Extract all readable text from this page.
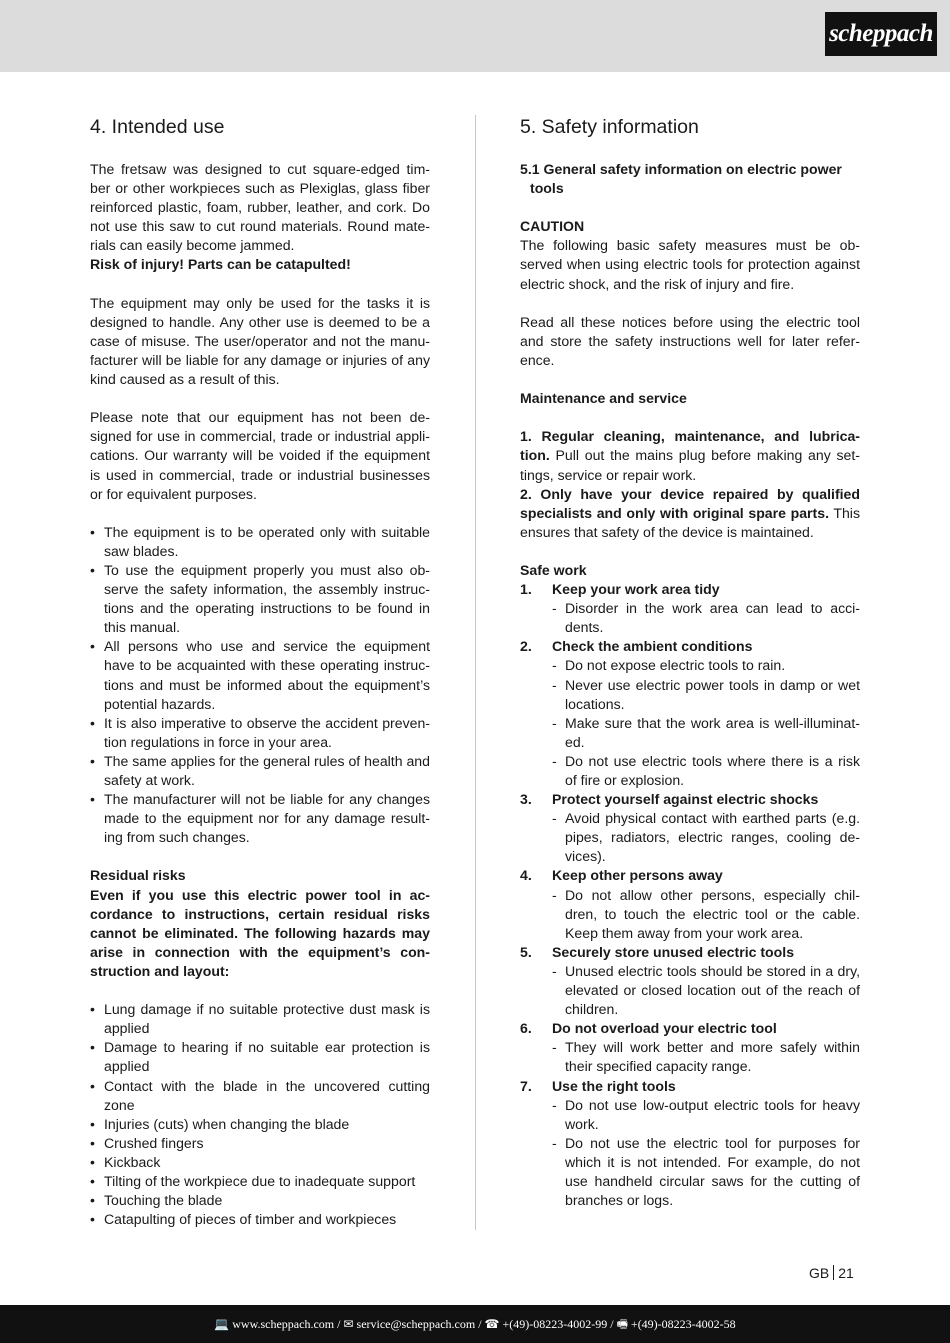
scheppach
4. Intended use

The fretsaw was designed to cut square-edged tim- ber or other workpieces such as Plexiglas, glass fiber reinforced plastic, foam, rubber, leather, and cork. Do not use this saw to cut round materials. Round mate- rials can easily become jammed.

Risk of injury! Parts can be catapulted!

The equipment may only be used for the tasks it is designed to handle. Any other use is deemed to be a case of misuse. The user/operator and not the manu-facturer will be liable for any damage or injuries of any kind caused as a result of this.

Please note that our equipment has not been de-signed for use in commercial, trade or industrial appli-cations. Our warranty will be voided if the equipment is used in commercial, trade or industrial businesses or for equivalent purposes.

• The equipment is to be operated only with suitable saw blades.
• To use the equipment properly you must also ob-serve the safety information, the assembly instruc-tions and the operating instructions to be found in this manual.
• All persons who use and service the equipment have to be acquainted with these operating instruc-tions and must be informed about the equipment’s potential hazards.
• It is also imperative to observe the accident preven-tion regulations in force in your area.
• The same applies for the general rules of health and safety at work.
• The manufacturer will not be liable for any changes made to the equipment nor for any damage result-ing from such changes.

Residual risks

Even if you use this electric power tool in ac-cordance to instructions, certain residual risks cannot be eliminated. The following hazards may arise in connection with the equipment’s con-struction and layout:

• Lung damage if no suitable protective dust mask is applied
• Damage to hearing if no suitable ear protection is applied
• Contact with the blade in the uncovered cutting zone
• Injuries (cuts) when changing the blade
• Crushed fingers
• Kickback
• Tilting of the workpiece due to inadequate support
• Touching the blade
• Catapulting of pieces of timber and workpieces
5. Safety information

5.1 General safety information on electric power
tools

CAUTION

The following basic safety measures must be ob-served when using electric tools for protection against electric shock, and the risk of injury and fire.

Read all these notices before using the electric tool and store the safety instructions well for later refer-ence.

Maintenance and service

1. Regular cleaning, maintenance, and lubrica-tion. Pull out the mains plug before making any set-tings, service or repair work.

2. Only have your device repaired by qualified specialists and only with original spare parts. This ensures that safety of the device is maintained.

Safe work

1. Keep your work area tidy
- Disorder in the work area can lead to acci-dents.
2. Check the ambient conditions
- Do not expose electric tools to rain.
- Never use electric power tools in damp or wet locations.
- Make sure that the work area is well-illuminat-ed.
- Do not use electric tools where there is a risk of fire or explosion.
3. Protect yourself against electric shocks
- Avoid physical contact with earthed parts (e.g. pipes, radiators, electric ranges, cooling de-vices).
4. Keep other persons away
- Do not allow other persons, especially chil-dren, to touch the electric tool or the cable. Keep them away from your work area.
5. Securely store unused electric tools
- Unused electric tools should be stored in a dry, elevated or closed location out of the reach of children.
6. Do not overload your electric tool
- They will work better and more safely within their specified capacity range.
7. Use the right tools
- Do not use low-output electric tools for heavy work.
- Do not use the electric tool for purposes for which it is not intended. For example, do not use handheld circular saws for the cutting of branches or logs.
GB 21
💻 www.scheppach.com / ✉ service@scheppach.com / ☎ +(49)-08223-4002-99 / 🖷 +(49)-08223-4002-58
